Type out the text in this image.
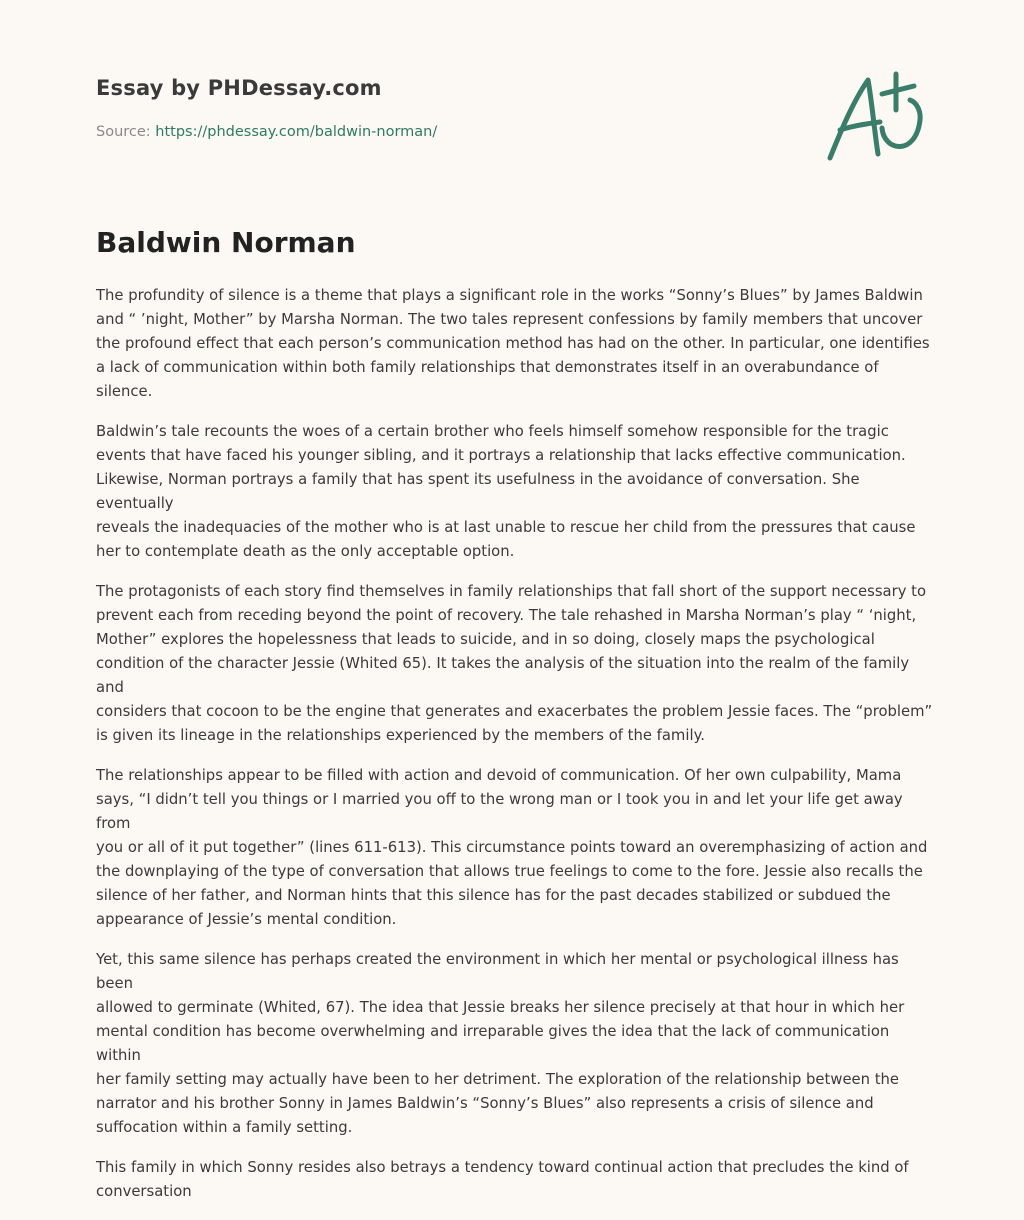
Essay by PHDessay.com
Source: https://phdessay.com/baldwin-norman/
Baldwin Norman

The profundity of silence is a theme that plays a significant role in the works “Sonny’s Blues” by James Baldwin
and “ ’night, Mother” by Marsha Norman. The two tales represent confessions by family members that uncover
the profound effect that each person’s communication method has had on the other. In particular, one identifies
a lack of communication within both family relationships that demonstrates itself in an overabundance of silence.

Baldwin’s tale recounts the woes of a certain brother who feels himself somehow responsible for the tragic
events that have faced his younger sibling, and it portrays a relationship that lacks effective communication.
Likewise, Norman portrays a family that has spent its usefulness in the avoidance of conversation. She eventually
reveals the inadequacies of the mother who is at last unable to rescue her child from the pressures that cause
her to contemplate death as the only acceptable option.

The protagonists of each story find themselves in family relationships that fall short of the support necessary to
prevent each from receding beyond the point of recovery. The tale rehashed in Marsha Norman’s play “ ‘night,
Mother” explores the hopelessness that leads to suicide, and in so doing, closely maps the psychological
condition of the character Jessie (Whited 65). It takes the analysis of the situation into the realm of the family and
considers that cocoon to be the engine that generates and exacerbates the problem Jessie faces. The “problem”
is given its lineage in the relationships experienced by the members of the family.

The relationships appear to be filled with action and devoid of communication. Of her own culpability, Mama
says, “I didn’t tell you things or I married you off to the wrong man or I took you in and let your life get away from
you or all of it put together” (lines 611-613). This circumstance points toward an overemphasizing of action and
the downplaying of the type of conversation that allows true feelings to come to the fore. Jessie also recalls the
silence of her father, and Norman hints that this silence has for the past decades stabilized or subdued the
appearance of Jessie’s mental condition.

Yet, this same silence has perhaps created the environment in which her mental or psychological illness has been
allowed to germinate (Whited, 67). The idea that Jessie breaks her silence precisely at that hour in which her
mental condition has become overwhelming and irreparable gives the idea that the lack of communication within
her family setting may actually have been to her detriment. The exploration of the relationship between the
narrator and his brother Sonny in James Baldwin’s “Sonny’s Blues” also represents a crisis of silence and
suffocation within a family setting.

This family in which Sonny resides also betrays a tendency toward continual action that precludes the kind of
conversation
